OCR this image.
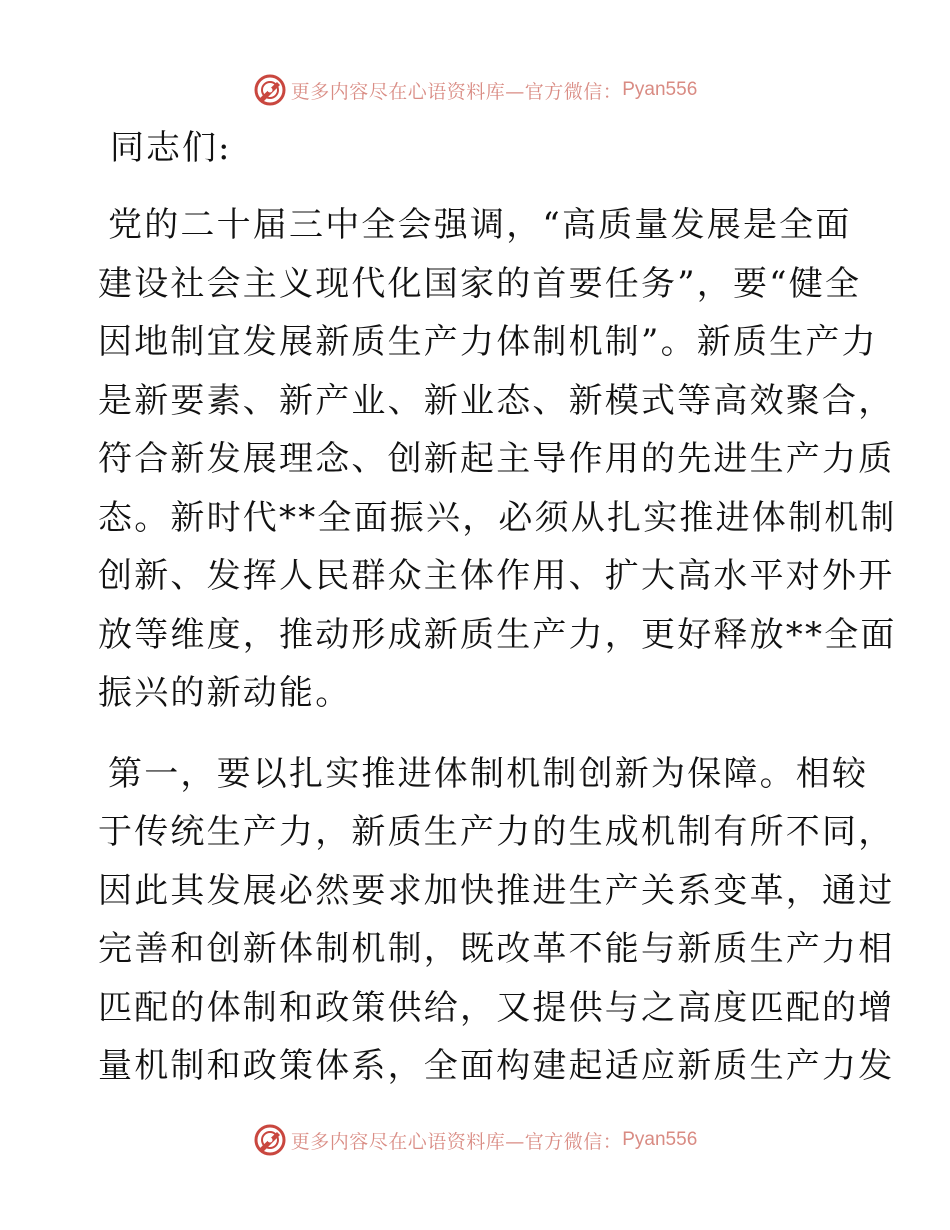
更多内容尽在心语资料库—官方微信： Pyan556
同志们:
党的二十届三中全会强调，“高质量发展是全面
建设社会主义现代化国家的首要任务”，要“健全
因地制宜发展新质生产力体制机制”。新质生产力
是新要素、新产业、新业态、新模式等高效聚合，
符合新发展理念、创新起主导作用的先进生产力质
态。新时代**全面振兴，必须从扎实推进体制机制
创新、发挥人民群众主体作用、扩大高水平对外开
放等维度，推动形成新质生产力，更好释放**全面
振兴的新动能。
第一，要以扎实推进体制机制创新为保障。相较
于传统生产力，新质生产力的生成机制有所不同，
因此其发展必然要求加快推进生产关系变革，通过
完善和创新体制机制，既改革不能与新质生产力相
匹配的体制和政策供给，又提供与之高度匹配的增
量机制和政策体系，全面构建起适应新质生产力发
更多内容尽在心语资料库—官方微信： Pyan556
